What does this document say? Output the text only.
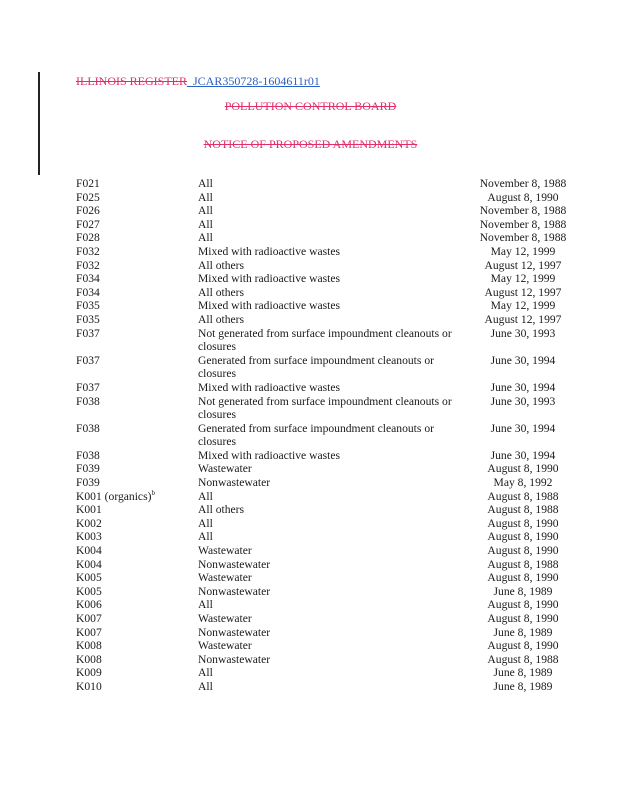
ILLINOIS REGISTER_JCAR350728-1604611r01
POLLUTION CONTROL BOARD
NOTICE OF PROPOSED AMENDMENTS
F021	All	November 8, 1988
F025	All	August 8, 1990
F026	All	November 8, 1988
F027	All	November 8, 1988
F028	All	November 8, 1988
F032	Mixed with radioactive wastes	May 12, 1999
F032	All others	August 12, 1997
F034	Mixed with radioactive wastes	May 12, 1999
F034	All others	August 12, 1997
F035	Mixed with radioactive wastes	May 12, 1999
F035	All others	August 12, 1997
F037	Not generated from surface impoundment cleanouts or closures	June 30, 1993
F037	Generated from surface impoundment cleanouts or closures	June 30, 1994
F037	Mixed with radioactive wastes	June 30, 1994
F038	Not generated from surface impoundment cleanouts or closures	June 30, 1993
F038	Generated from surface impoundment cleanouts or closures	June 30, 1994
F038	Mixed with radioactive wastes	June 30, 1994
F039	Wastewater	August 8, 1990
F039	Nonwastewater	May 8, 1992
K001 (organics)$^b$	All	August 8, 1988
K001	All others	August 8, 1988
K002	All	August 8, 1990
K003	All	August 8, 1990
K004	Wastewater	August 8, 1990
K004	Nonwastewater	August 8, 1988
K005	Wastewater	August 8, 1990
K005	Nonwastewater	June 8, 1989
K006	All	August 8, 1990
K007	Wastewater	August 8, 1990
K007	Nonwastewater	June 8, 1989
K008	Wastewater	August 8, 1990
K008	Nonwastewater	August 8, 1988
K009	All	June 8, 1989
K010	All	June 8, 1989
